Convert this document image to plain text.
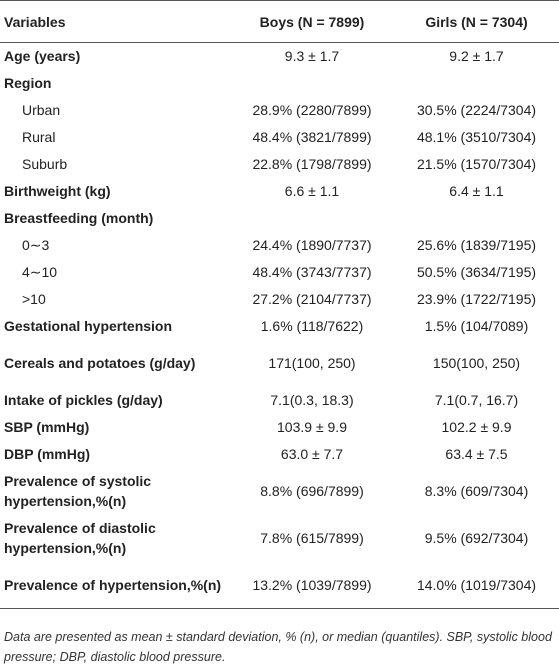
Variables	Boys (N = 7899)	Girls (N = 7304)
Age (years)	9.3 ± 1.7	9.2 ± 1.7
Region		
Urban	28.9% (2280/7899)	30.5% (2224/7304)
Rural	48.4% (3821/7899)	48.1% (3510/7304)
Suburb	22.8% (1798/7899)	21.5% (1570/7304)
Birthweight (kg)	6.6 ± 1.1	6.4 ± 1.1
Breastfeeding (month)		
0∼3	24.4% (1890/7737)	25.6% (1839/7195)
4∼10	48.4% (3743/7737)	50.5% (3634/7195)
>10	27.2% (2104/7737)	23.9% (1722/7195)
Gestational hypertension	1.6% (118/7622)	1.5% (104/7089)
Cereals and potatoes (g/day)	171(100, 250)	150(100, 250)
Intake of pickles (g/day)	7.1(0.3, 18.3)	7.1(0.7, 16.7)
SBP (mmHg)	103.9 ± 9.9	102.2 ± 9.9
DBP (mmHg)	63.0 ± 7.7	63.4 ± 7.5
Prevalence of systolic hypertension,%(n)	8.8% (696/7899)	8.3% (609/7304)
Prevalence of diastolic hypertension,%(n)	7.8% (615/7899)	9.5% (692/7304)
Prevalence of hypertension,%(n)	13.2% (1039/7899)	14.0% (1019/7304)
Data are presented as mean ± standard deviation, % (n), or median (quantiles). SBP, systolic blood pressure; DBP, diastolic blood pressure.
